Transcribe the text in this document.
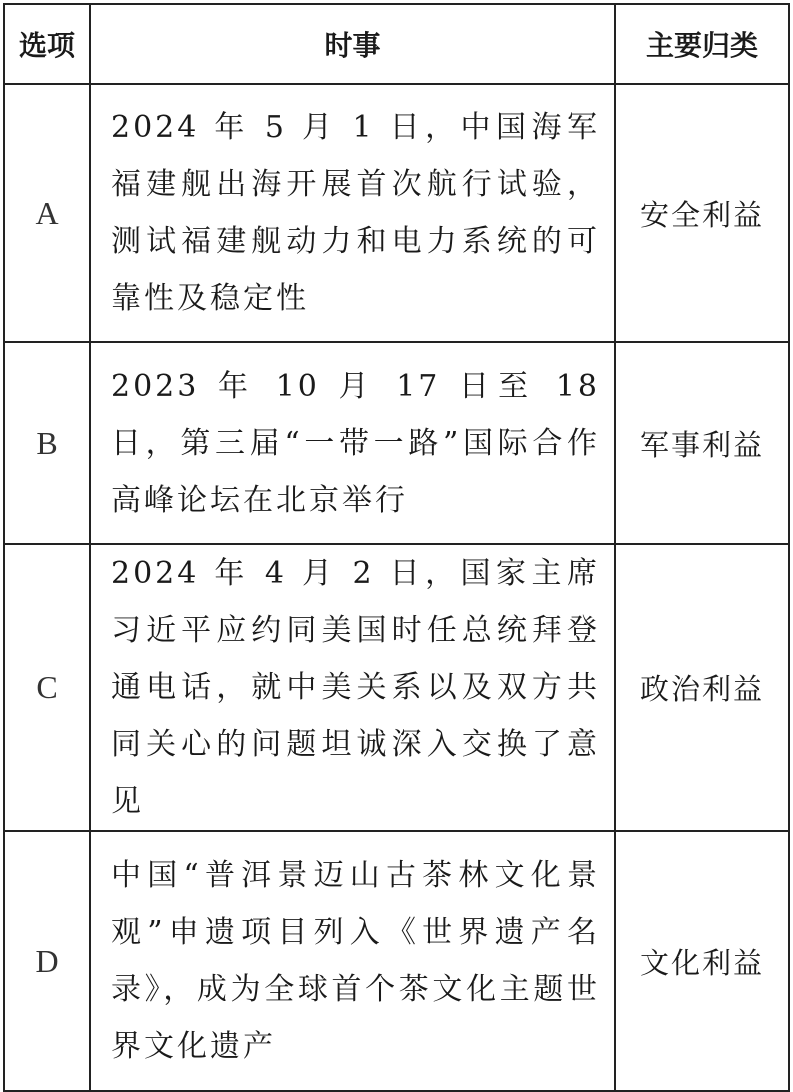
选项	时事	主要归类
A	2024 年 5 月 1 日，中国海军福建舰出海开展首次航行试验，测试福建舰动力和电力系统的可靠性及稳定性	安全利益
B	2023 年 10 月 17 日至 18 日，第三届“一带一路”国际合作高峰论坛在北京举行	军事利益
C	2024 年 4 月 2 日，国家主席习近平应约同美国时任总统拜登通电话，就中美关系以及双方共同关心的问题坦诚深入交换了意见	政治利益
D	中国“普洱景迈山古茶林文化景观”申遗项目列入《世界遗产名录》，成为全球首个茶文化主题世界文化遗产	文化利益
